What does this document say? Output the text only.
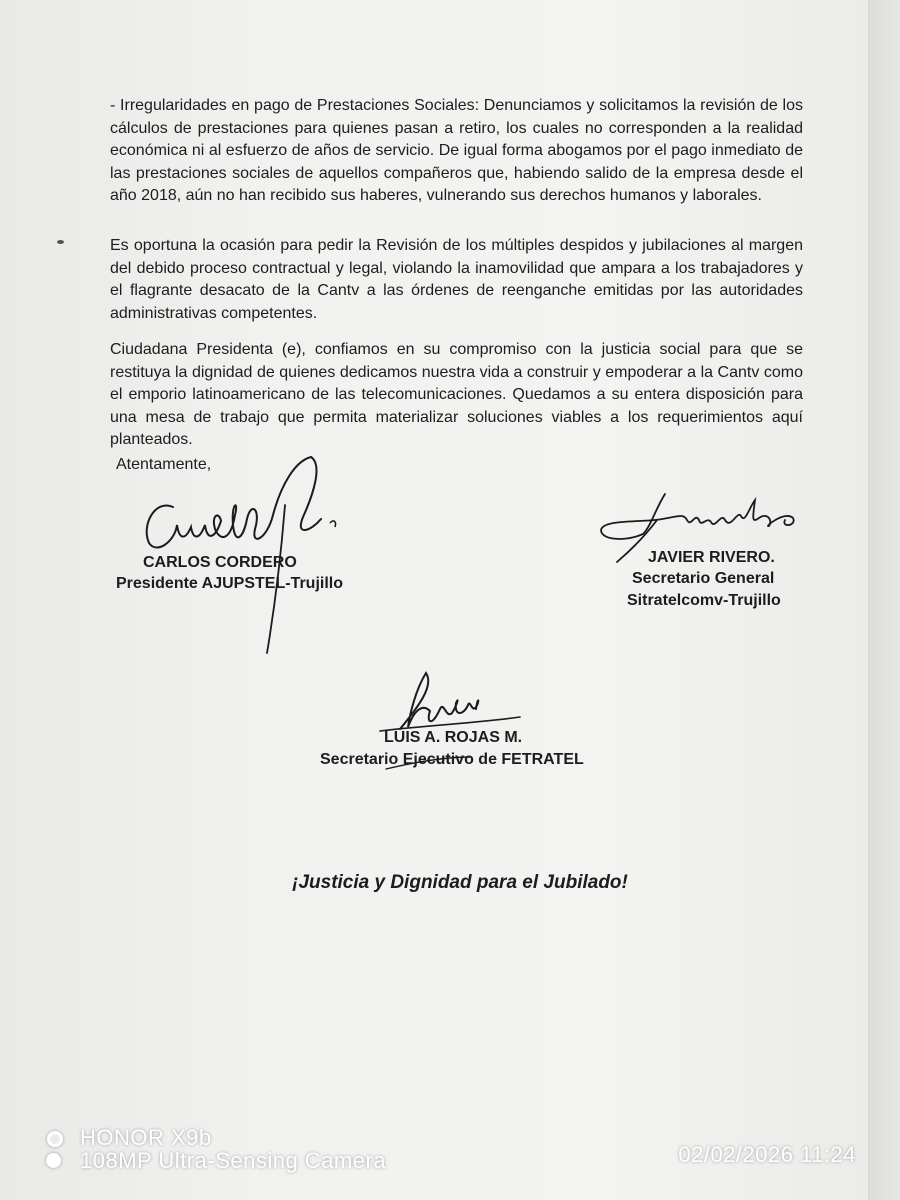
- Irregularidades en pago de Prestaciones Sociales: Denunciamos y solicitamos la revisión de los cálculos de prestaciones para quienes pasan a retiro, los cuales no corresponden a la realidad económica ni al esfuerzo de años de servicio. De igual forma abogamos por el pago inmediato de las prestaciones sociales de aquellos compañeros que, habiendo salido de la empresa desde el año 2018, aún no han recibido sus haberes, vulnerando sus derechos humanos y laborales.

Es oportuna la ocasión para pedir la Revisión de los múltiples despidos y jubilaciones al margen del debido proceso contractual y legal, violando la inamovilidad que ampara a los trabajadores y el flagrante desacato de la Cantv a las órdenes de reenganche emitidas por las autoridades administrativas competentes.

Ciudadana Presidenta (e), confiamos en su compromiso con la justicia social para que se restituya la dignidad de quienes dedicamos nuestra vida a construir y empoderar a la Cantv como el emporio latinoamericano de las telecomunicaciones. Quedamos a su entera disposición para una mesa de trabajo que permita materializar soluciones viables a los requerimientos aquí planteados.

Atentamente,

CARLOS CORDERO

Presidente AJUPSTEL-Trujillo

JAVIER RIVERO.

Secretario General

Sitratelcomv-Trujillo

LUIS A. ROJAS M.

Secretario Ejecutivo de FETRATEL

¡Justicia y Dignidad para el Jubilado!

HONOR X9b
108MP Ultra-Sensing Camera	02/02/2026 11:24
